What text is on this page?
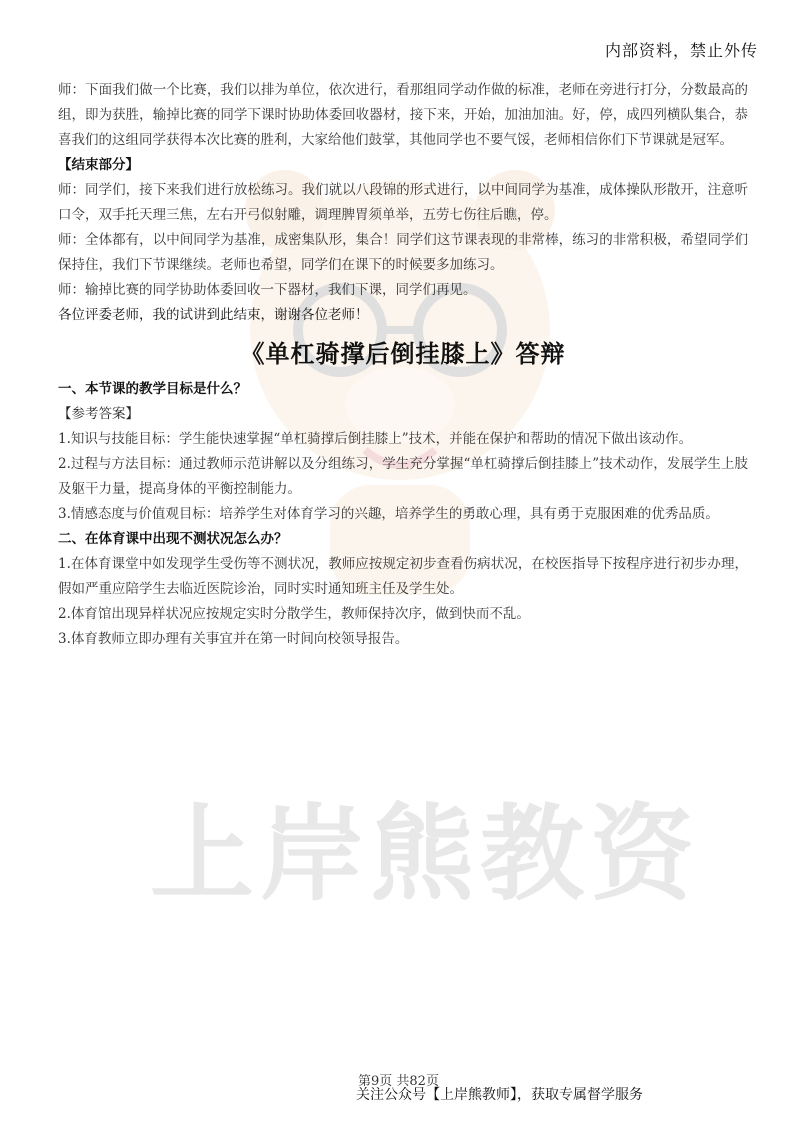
内部资料，禁止外传
上岸熊教资

师：下面我们做一个比赛，我们以排为单位，依次进行，看那组同学动作做的标准，老师在旁进行打分，分数最高的组，即为获胜，输掉比赛的同学下课时协助体委回收器材，接下来，开始，加油加油。好，停，成四列横队集合，恭喜我们的这组同学获得本次比赛的胜利，大家给他们鼓掌，其他同学也不要气馁，老师相信你们下节课就是冠军。

【结束部分】

师：同学们，接下来我们进行放松练习。我们就以八段锦的形式进行，以中间同学为基准，成体操队形散开，注意听口令，双手托天理三焦，左右开弓似射雕，调理脾胃须单举，五劳七伤往后瞧，停。

师：全体都有，以中间同学为基准，成密集队形，集合！同学们这节课表现的非常棒，练习的非常积极，希望同学们保持住，我们下节课继续。老师也希望，同学们在课下的时候要多加练习。

师：输掉比赛的同学协助体委回收一下器材，我们下课，同学们再见。

各位评委老师，我的试讲到此结束，谢谢各位老师！

《单杠骑撑后倒挂膝上》答辩

一、本节课的教学目标是什么？

【参考答案】

1.知识与技能目标：学生能快速掌握“单杠骑撑后倒挂膝上”技术，并能在保护和帮助的情况下做出该动作。

2.过程与方法目标：通过教师示范讲解以及分组练习，学生充分掌握“单杠骑撑后倒挂膝上”技术动作，发展学生上肢及躯干力量，提高身体的平衡控制能力。

3.情感态度与价值观目标：培养学生对体育学习的兴趣，培养学生的勇敢心理，具有勇于克服困难的优秀品质。

二、在体育课中出现不测状况怎么办？

1.在体育课堂中如发现学生受伤等不测状况，教师应按规定初步查看伤病状况，在校医指导下按程序进行初步办理，假如严重应陪学生去临近医院诊治，同时实时通知班主任及学生处。

2.体育馆出现异样状况应按规定实时分散学生，教师保持次序，做到快而不乱。

3.体育教师立即办理有关事宜并在第一时间向校领导报告。

第9页 共82页
关注公众号【上岸熊教师】，获取专属督学服务
